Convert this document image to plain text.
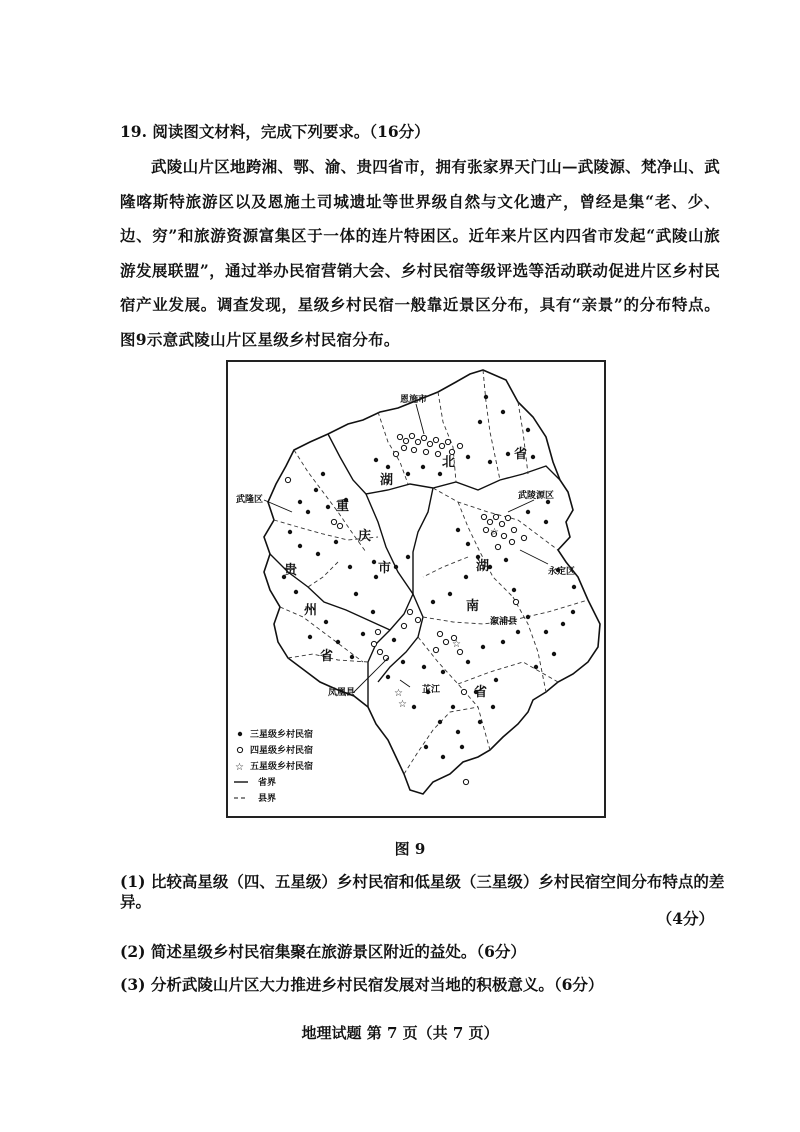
19. 阅读图文材料，完成下列要求。（16分）
武陵山片区地跨湘、鄂、渝、贵四省市，拥有张家界天门山—武陵源、梵净山、武隆喀斯特旅游区以及恩施土司城遗址等世界级自然与文化遗产，曾经是集“老、少、边、穷”和旅游资源富集区于一体的连片特困区。近年来片区内四省市发起“武陵山旅游发展联盟”，通过举办民宿营销大会、乡村民宿等级评选等活动联动促进片区乡村民宿产业发展。调查发现，星级乡村民宿一般靠近景区分布，具有“亲景”的分布特点。图9示意武陵山片区星级乡村民宿分布。
☆
☆
☆
☆
恩施市
武隆区	武陵源区
永定区
溆浦县
凤凰县	芷江
湖
北
省
重
庆
市	湖
南
省
贵
州
省
三星级乡村民宿
四星级乡村民宿
☆ 五星级乡村民宿
省界
县界
图 9
(1) 比较高星级（四、五星级）乡村民宿和低星级（三星级）乡村民宿空间分布特点的差异。
（4分）
(2) 简述星级乡村民宿集聚在旅游景区附近的益处。（6分）
(3) 分析武陵山片区大力推进乡村民宿发展对当地的积极意义。（6分）
地理试题 第 7 页（共 7 页）
